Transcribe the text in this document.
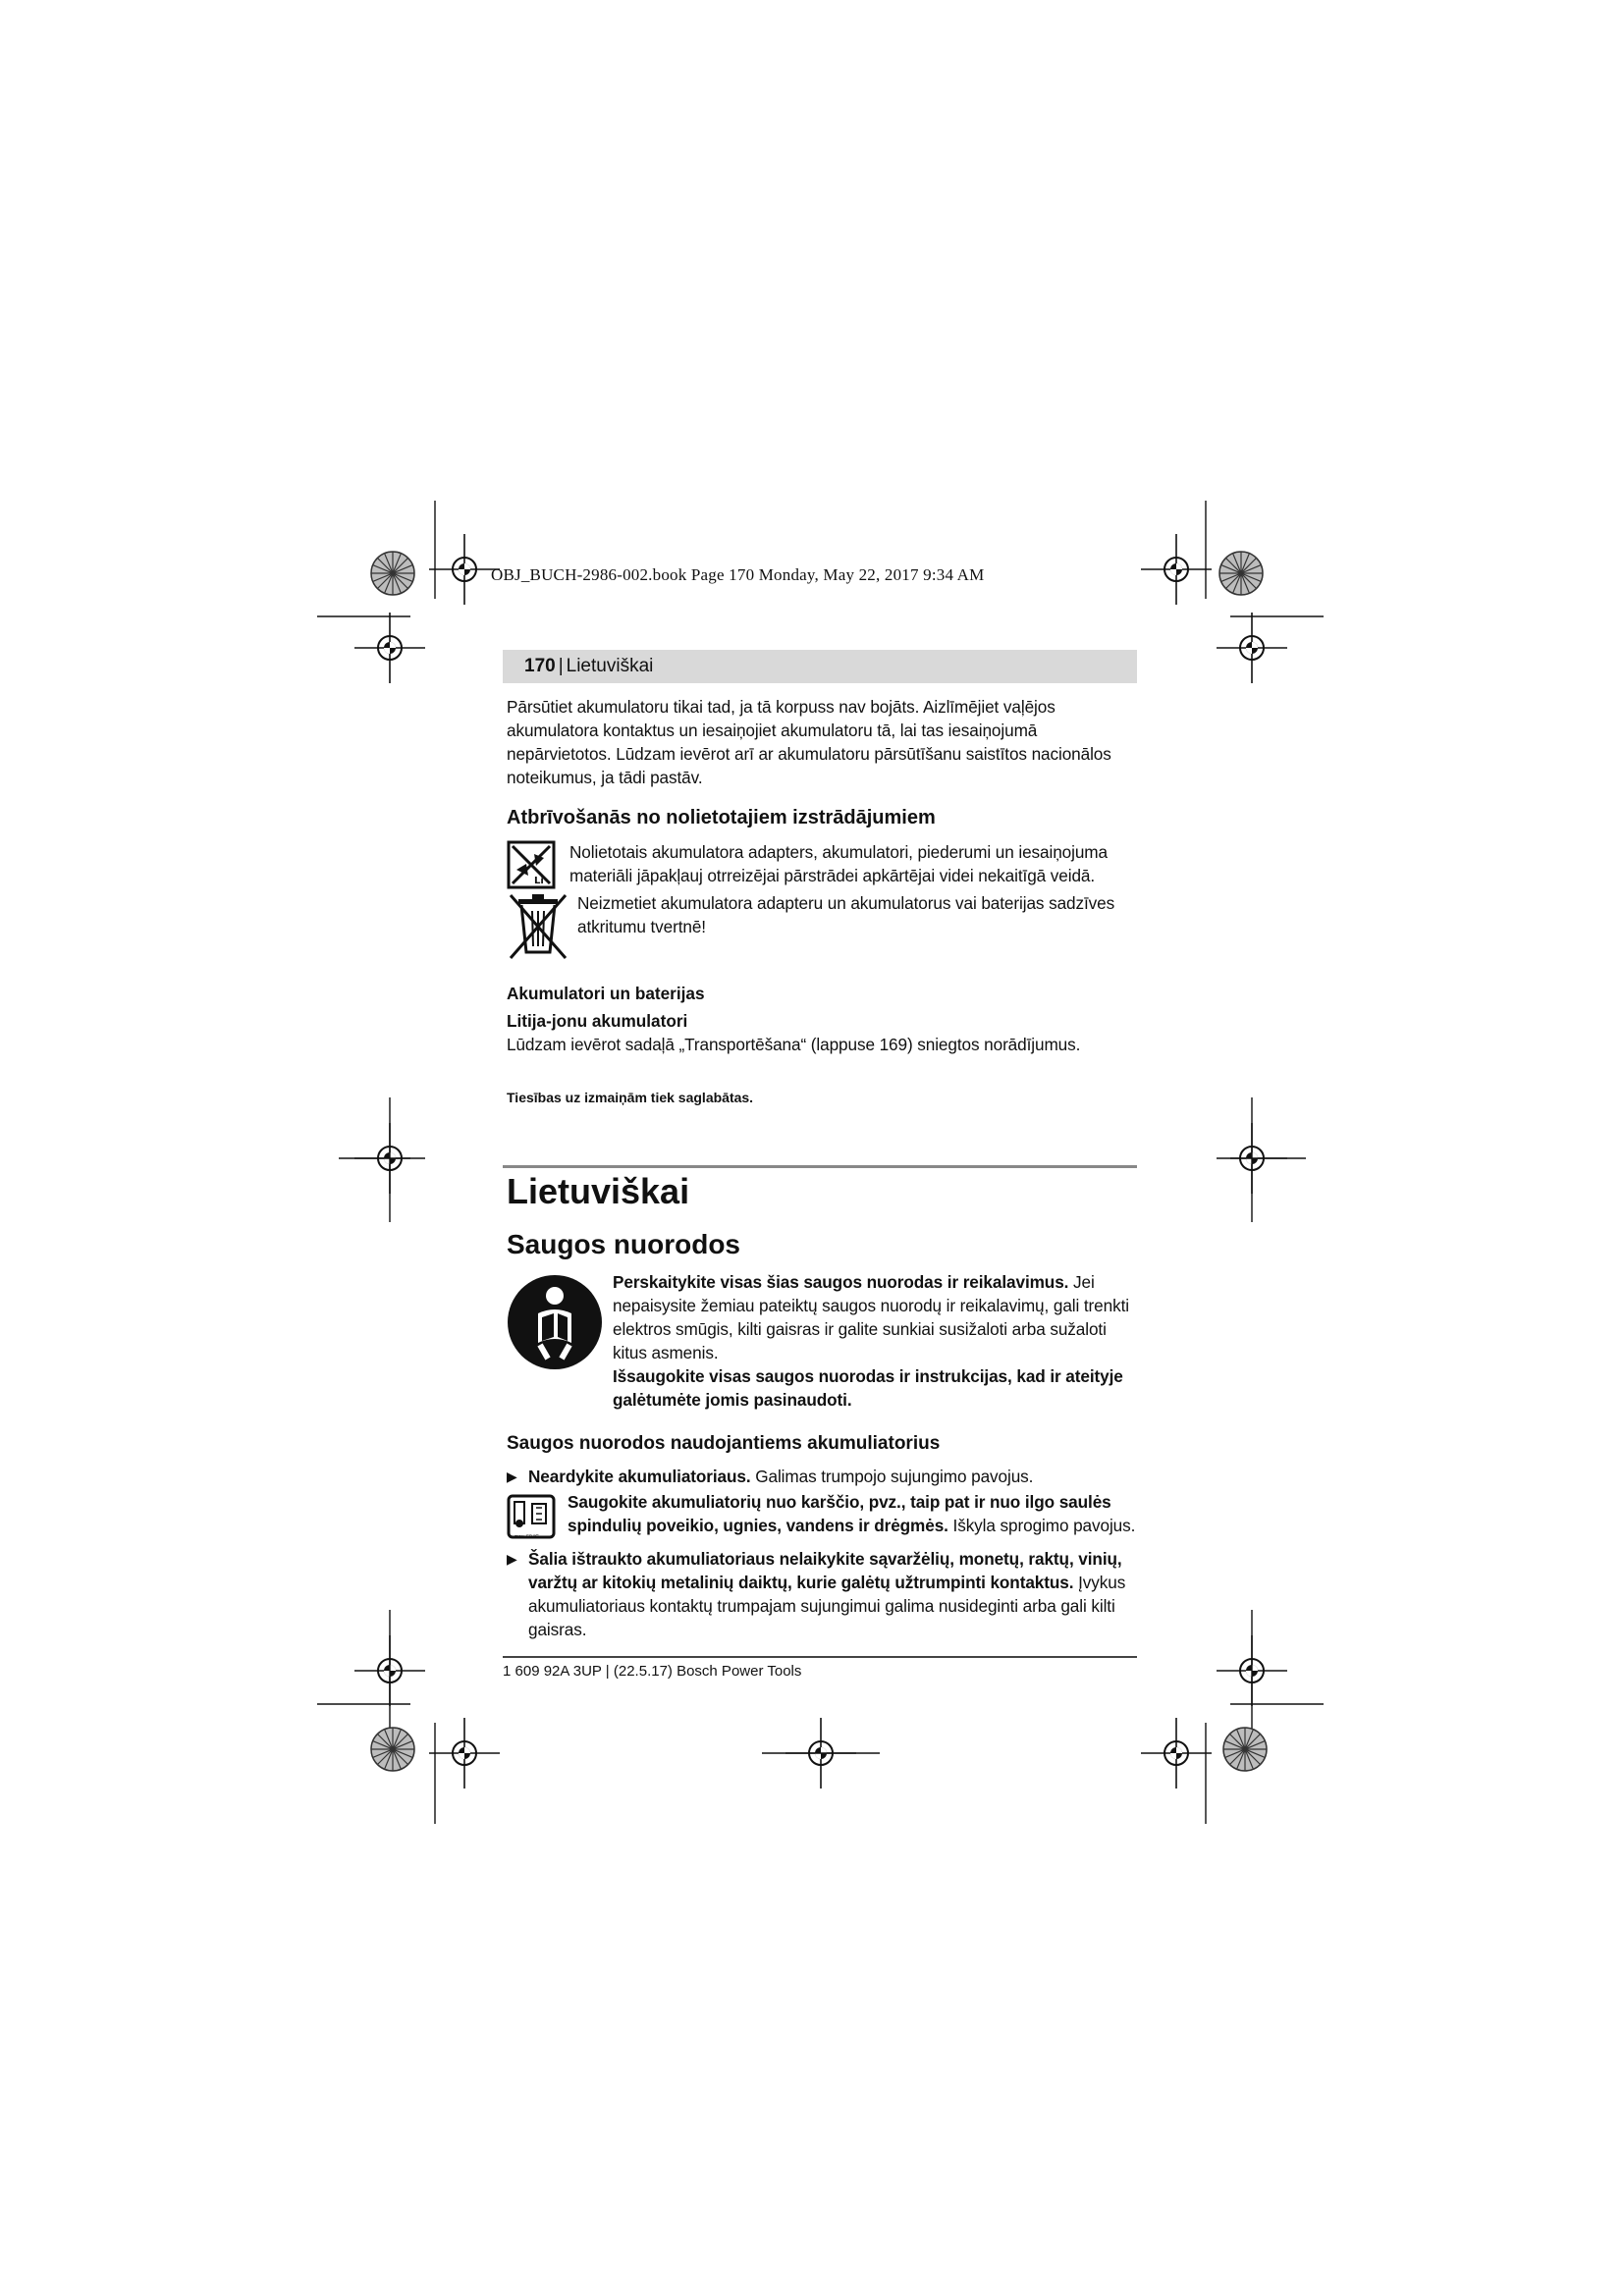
OBJ_BUCH-2986-002.book Page 170 Monday, May 22, 2017 9:34 AM
170 | Lietuviškai

Pārsūtiet akumulatoru tikai tad, ja tā korpuss nav bojāts. Aizlīmējiet vaļējos akumulatora kontaktus un iesaiņojiet akumulatoru tā, lai tas iesaiņojumā nepārvietotos. Lūdzam ievērot arī ar akumulatoru pārsūtīšanu saistītos nacionālos noteikumus, ja tādi pastāv.

Atbrīvošanās no nolietotajiem izstrādājumiem

Li

Nolietotais akumulatora adapters, akumulatori, piederumi un iesaiņojuma materiāli jāpakļauj otrreizējai pārstrādei apkārtējai videi nekaitīgā veidā.

Neizmetiet akumulatora adapteru un akumulatorus vai baterijas sadzīves atkritumu tvertnē!

Akumulatori un baterijas

Litija-jonu akumulatori

Lūdzam ievērot sadaļā „Transportēšana“ (lappuse 169) sniegtos norādījumus.

Tiesības uz izmaiņām tiek saglabātas.

Lietuviškai

Saugos nuorodos

Perskaitykite visas šias saugos nuorodas ir reikalavimus. Jei nepaisysite žemiau pateiktų saugos nuorodų ir reikalavimų, gali trenkti elektros smūgis, kilti gaisras ir galite sunkiai susižaloti arba sužaloti kitus asmenis.

Išsaugokite visas saugos nuorodas ir instrukcijas, kad ir ateityje galėtumėte jomis pasinaudoti.

Saugos nuorodos naudojantiems akumuliatorius

▶ Neardykite akumuliatoriaus. Galimas trumpojo sujungimo pavojus.

max. 50 °C

Saugokite akumuliatorių nuo karščio, pvz., taip pat ir nuo ilgo saulės spindulių poveikio, ugnies, vandens ir drėgmės. Iškyla sprogimo pavojus.

▶ Šalia ištraukto akumuliatoriaus nelaikykite sąvaržėlių, monetų, raktų, vinių, varžtų ar kitokių metalinių daiktų, kurie galėtų užtrumpinti kontaktus. Įvykus akumuliatoriaus kontaktų trumpajam sujungimui galima nusideginti arba gali kilti gaisras.

1 609 92A 3UP | (22.5.17) Bosch Power Tools
